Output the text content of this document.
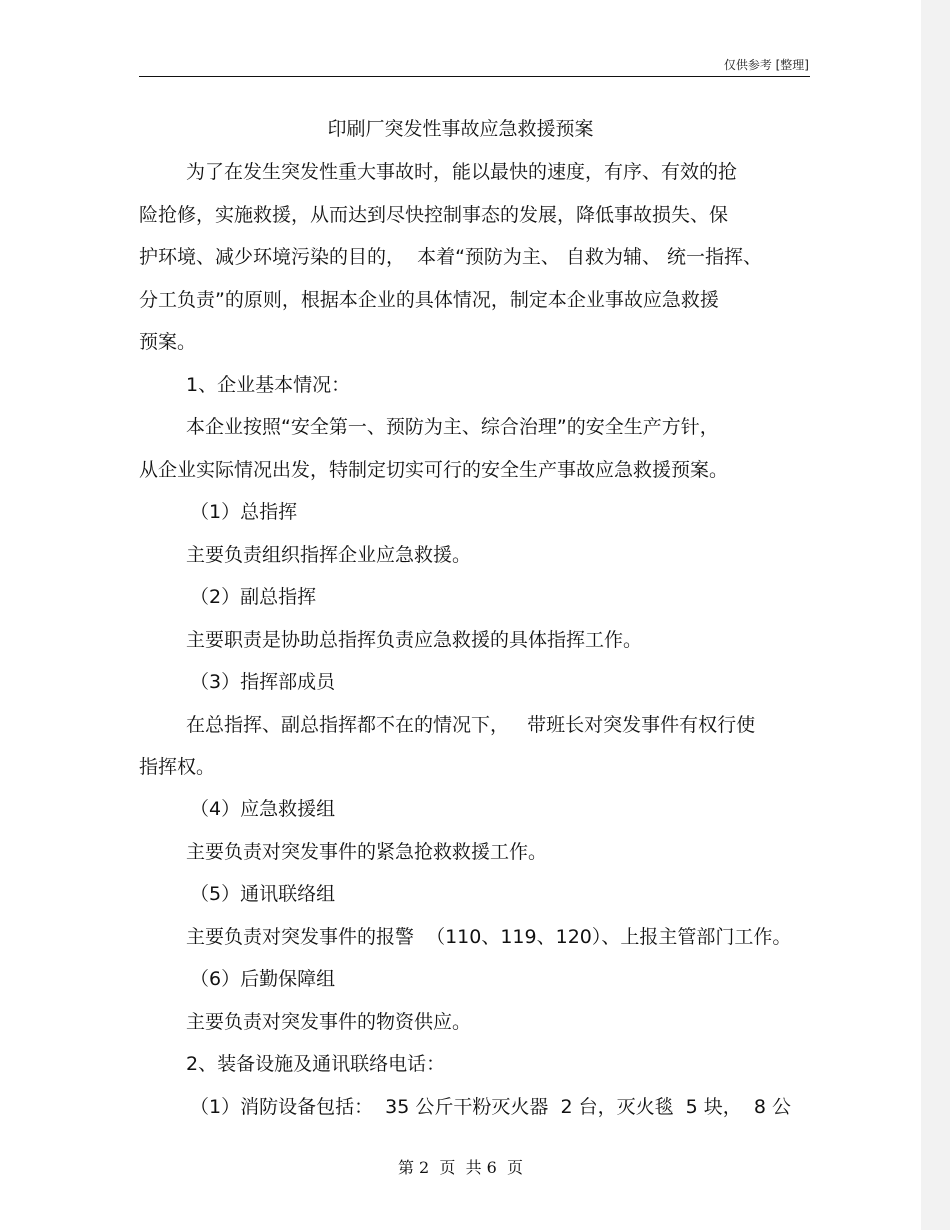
仅供参考 [整理]
印刷厂突发性事故应急救援预案
为了在发生突发性重大事故时，能以最快的速度，有序、有效的抢
险抢修，实施救援，从而达到尽快控制事态的发展，降低事故损失、保
护环境、减少环境污染的目的，  本着“预防为主、 自救为辅、 统一指挥、
分工负责”的原则，根据本企业的具体情况，制定本企业事故应急救援
预案。
1、企业基本情况：
本企业按照“安全第一、预防为主、综合治理”的安全生产方针，
从企业实际情况出发，特制定切实可行的安全生产事故应急救援预案。
（1）总指挥
主要负责组织指挥企业应急救援。
（2）副总指挥
主要职责是协助总指挥负责应急救援的具体指挥工作。
（3）指挥部成员
在总指挥、副总指挥都不在的情况下，   带班长对突发事件有权行使
指挥权。
（4）应急救援组
主要负责对突发事件的紧急抢救救援工作。
（5）通讯联络组
主要负责对突发事件的报警  （110、119、120）、上报主管部门工作。
（6）后勤保障组
主要负责对突发事件的物资供应。
2、装备设施及通讯联络电话：
（1）消防设备包括：  35 公斤干粉灭火器  2 台，灭火毯  5 块，  8 公
第 2  页  共 6  页
